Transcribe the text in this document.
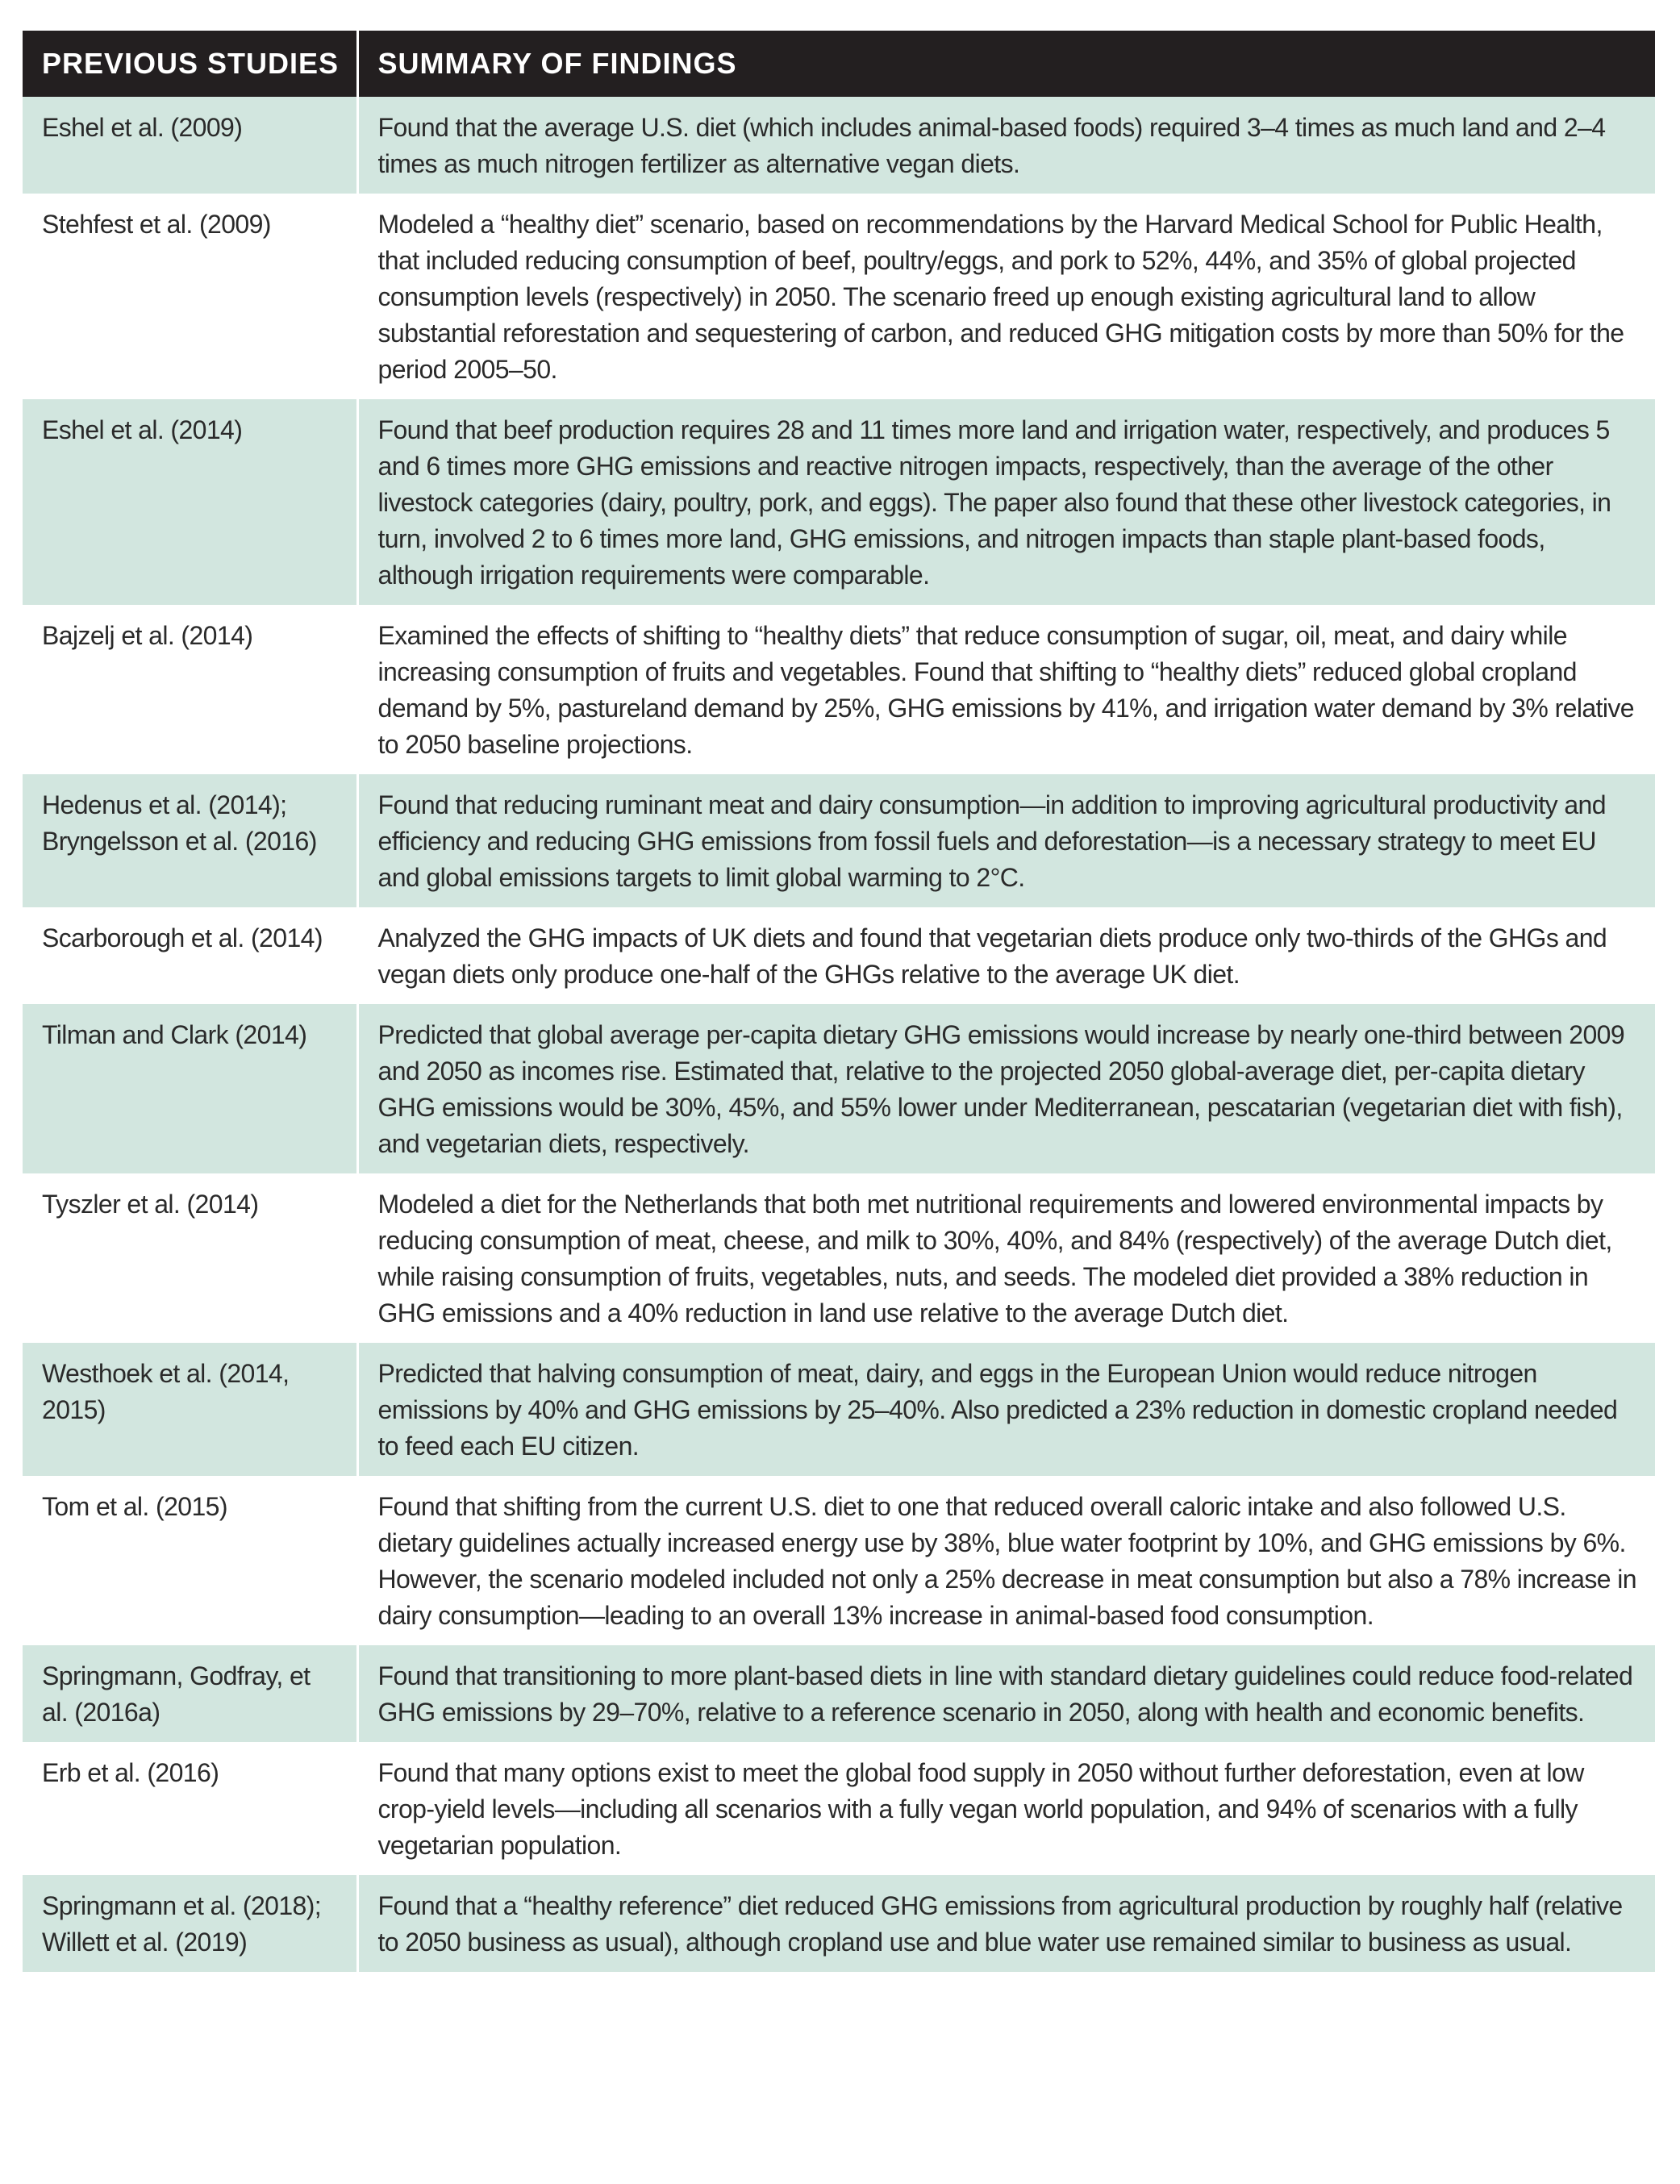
PREVIOUS STUDIES	SUMMARY OF FINDINGS

Eshel et al. (2009)	Found that the average U.S. diet (which includes animal-based foods) required 3–4 times as much land and 2–4 times as much nitrogen fertilizer as alternative vegan diets.

Stehfest et al. (2009)	Modeled a “healthy diet” scenario, based on recommendations by the Harvard Medical School for Public Health, that included reducing consumption of beef, poultry/eggs, and pork to 52%, 44%, and 35% of global projected consumption levels (respectively) in 2050. The scenario freed up enough existing agricultural land to allow substantial reforestation and sequestering of carbon, and reduced GHG mitigation costs by more than 50% for the period 2005–50.

Eshel et al. (2014)	Found that beef production requires 28 and 11 times more land and irrigation water, respectively, and produces 5 and 6 times more GHG emissions and reactive nitrogen impacts, respectively, than the average of the other livestock categories (dairy, poultry, pork, and eggs). The paper also found that these other livestock categories, in turn, involved 2 to 6 times more land, GHG emissions, and nitrogen impacts than staple plant-based foods, although irrigation requirements were comparable.

Bajzelj et al. (2014)	Examined the effects of shifting to “healthy diets” that reduce consumption of sugar, oil, meat, and dairy while increasing consumption of fruits and vegetables. Found that shifting to “healthy diets” reduced global cropland demand by 5%, pastureland demand by 25%, GHG emissions by 41%, and irrigation water demand by 3% relative to 2050 baseline projections.

Hedenus et al. (2014); Bryngelsson et al. (2016)	Found that reducing ruminant meat and dairy consumption—in addition to improving agricultural productivity and efficiency and reducing GHG emissions from fossil fuels and deforestation—is a necessary strategy to meet EU and global emissions targets to limit global warming to 2°C.

Scarborough et al. (2014)	Analyzed the GHG impacts of UK diets and found that vegetarian diets produce only two-thirds of the GHGs and vegan diets only produce one-half of the GHGs relative to the average UK diet.

Tilman and Clark (2014)	Predicted that global average per-capita dietary GHG emissions would increase by nearly one-third between 2009 and 2050 as incomes rise. Estimated that, relative to the projected 2050 global-average diet, per-capita dietary GHG emissions would be 30%, 45%, and 55% lower under Mediterranean, pescatarian (vegetarian diet with fish), and vegetarian diets, respectively.

Tyszler et al. (2014)	Modeled a diet for the Netherlands that both met nutritional requirements and lowered environmental impacts by reducing consumption of meat, cheese, and milk to 30%, 40%, and 84% (respectively) of the average Dutch diet, while raising consumption of fruits, vegetables, nuts, and seeds. The modeled diet provided a 38% reduction in GHG emissions and a 40% reduction in land use relative to the average Dutch diet.

Westhoek et al. (2014, 2015)	Predicted that halving consumption of meat, dairy, and eggs in the European Union would reduce nitrogen emissions by 40% and GHG emissions by 25–40%. Also predicted a 23% reduction in domestic cropland needed to feed each EU citizen.

Tom et al. (2015)	Found that shifting from the current U.S. diet to one that reduced overall caloric intake and also followed U.S. dietary guidelines actually increased energy use by 38%, blue water footprint by 10%, and GHG emissions by 6%. However, the scenario modeled included not only a 25% decrease in meat consumption but also a 78% increase in dairy consumption—leading to an overall 13% increase in animal-based food consumption.

Springmann, Godfray, et al. (2016a)	Found that transitioning to more plant-based diets in line with standard dietary guidelines could reduce food-related GHG emissions by 29–70%, relative to a reference scenario in 2050, along with health and economic benefits.

Erb et al. (2016)	Found that many options exist to meet the global food supply in 2050 without further deforestation, even at low crop-yield levels—including all scenarios with a fully vegan world population, and 94% of scenarios with a fully vegetarian population.

Springmann et al. (2018); Willett et al. (2019)	Found that a “healthy reference” diet reduced GHG emissions from agricultural production by roughly half (relative to 2050 business as usual), although cropland use and blue water use remained similar to business as usual.
